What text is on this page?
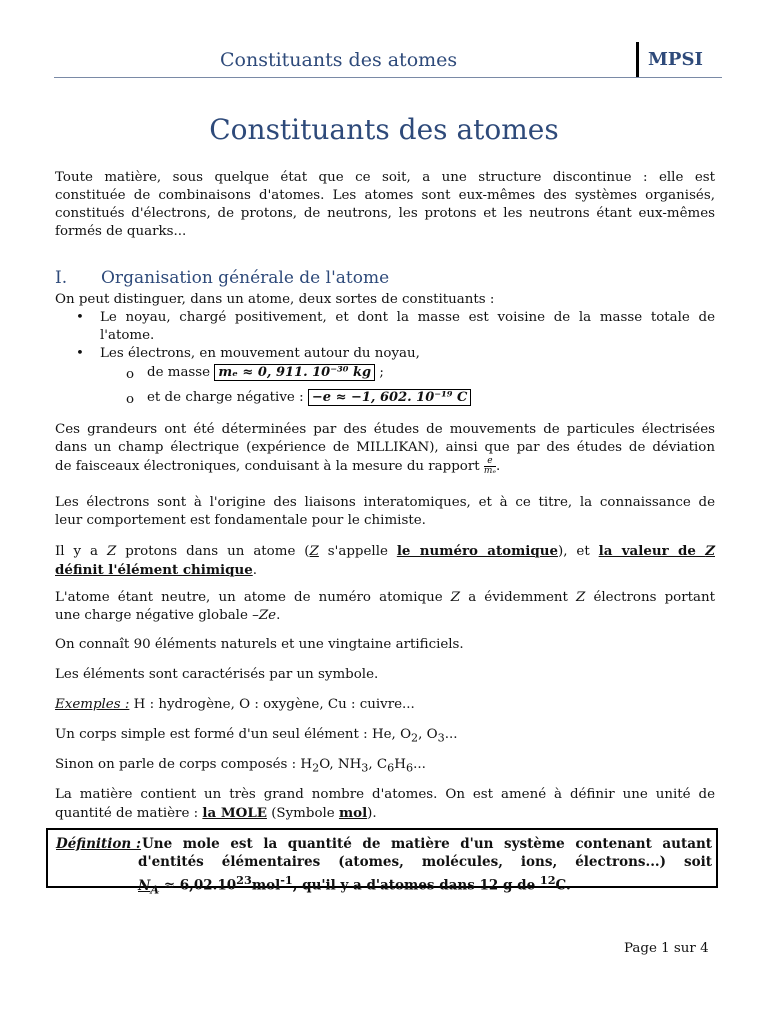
Constituants des atomes	MPSI
Constituants des atomes
Toute matière, sous quelque état que ce soit, a une structure discontinue : elle est
constituée de combinaisons d'atomes. Les atomes sont eux-mêmes des systèmes organisés,
constitués d'électrons, de protons, de neutrons, les protons et les neutrons étant eux-mêmes
formés de quarks...
I. Organisation générale de l'atome
On peut distinguer, dans un atome, deux sortes de constituants :
• Le noyau, chargé positivement, et dont la masse est voisine de la masse totale de
l'atome.
• Les électrons, en mouvement autour du noyau,
o de masse mₑ ≈ 0, 911. 10⁻³⁰ kg ;
o et de charge négative : −e ≈ −1, 602. 10⁻¹⁹ C
Ces grandeurs ont été déterminées par des études de mouvements de particules électrisées
dans un champ électrique (expérience de MILLIKAN), ainsi que par des études de déviation
de faisceaux électroniques, conduisant à la mesure du rapport $\frac{e}{\text{mₑ}}$ .
Les électrons sont à l'origine des liaisons interatomiques, et à ce titre, la connaissance de
leur comportement est fondamentale pour le chimiste.
Il y a Z protons dans un atome (Z s'appelle le numéro atomique), et la valeur de Z
définit l'élément chimique.
L'atome étant neutre, un atome de numéro atomique Z a évidemment Z électrons portant
une charge négative globale –Ze.
On connaît 90 éléments naturels et une vingtaine artificiels.
Les éléments sont caractérisés par un symbole.
Exemples : H : hydrogène, O : oxygène, Cu : cuivre...
Un corps simple est formé d'un seul élément : He, $O_2$, $O_3$...
Sinon on parle de corps composés : $H_2O$, $NH_3$, $C_6H_6$...
La matière contient un très grand nombre d'atomes. On est amené à définir une unité de
quantité de matière : la MOLE (Symbole mol).
Définition : Une mole est la quantité de matière d'un système contenant autant
d'entités élémentaires (atomes, molécules, ions, électrons...) soit
$N_A \approx 6,02.10^{23}mol^{-1}$, qu'il y a d'atomes dans 12 g de $^{12}$C.
Page 1 sur 4
